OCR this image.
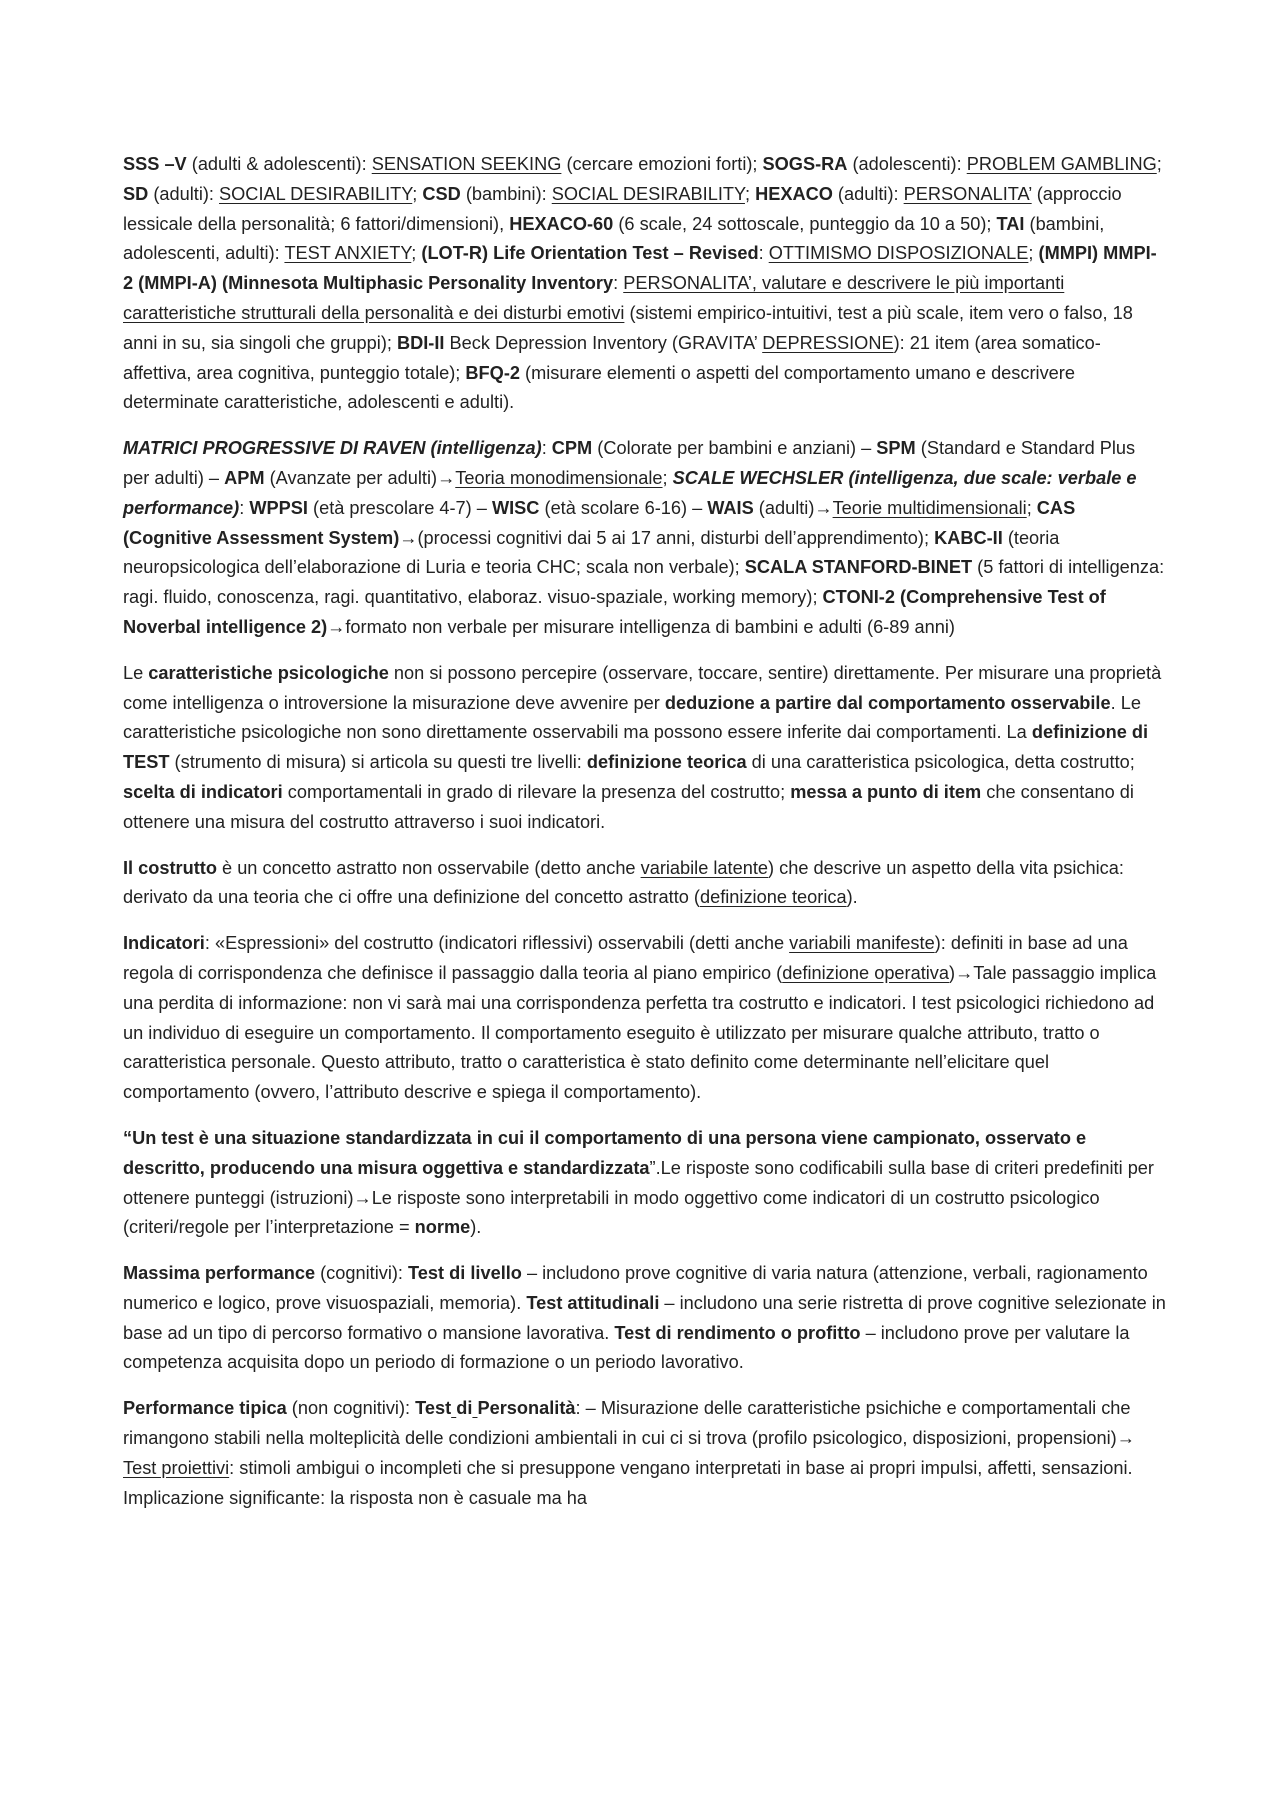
SSS –V (adulti & adolescenti): SENSATION SEEKING (cercare emozioni forti); SOGS-RA (adolescenti): PROBLEM GAMBLING; SD (adulti): SOCIAL DESIRABILITY; CSD (bambini): SOCIAL DESIRABILITY; HEXACO (adulti): PERSONALITA’ (approccio lessicale della personalità; 6 fattori/dimensioni), HEXACO-60 (6 scale, 24 sottoscale, punteggio da 10 a 50); TAI (bambini, adolescenti, adulti): TEST ANXIETY; (LOT-R) Life Orientation Test – Revised: OTTIMISMO DISPOSIZIONALE; (MMPI) MMPI-2 (MMPI-A) (Minnesota Multiphasic Personality Inventory: PERSONALITA’, valutare e descrivere le più importanti caratteristiche strutturali della personalità e dei disturbi emotivi (sistemi empirico-intuitivi, test a più scale, item vero o falso, 18 anni in su, sia singoli che gruppi); BDI-II Beck Depression Inventory (GRAVITA’ DEPRESSIONE): 21 item (area somatico-affettiva, area cognitiva, punteggio totale); BFQ-2 (misurare elementi o aspetti del comportamento umano e descrivere determinate caratteristiche, adolescenti e adulti).

MATRICI PROGRESSIVE DI RAVEN (intelligenza): CPM (Colorate per bambini e anziani) – SPM (Standard e Standard Plus per adulti) – APM (Avanzate per adulti)→Teoria monodimensionale; SCALE WECHSLER (intelligenza, due scale: verbale e performance): WPPSI (età prescolare 4-7) – WISC (età scolare 6-16) – WAIS (adulti)→Teorie multidimensionali; CAS (Cognitive Assessment System)→(processi cognitivi dai 5 ai 17 anni, disturbi dell’apprendimento); KABC-II (teoria neuropsicologica dell’elaborazione di Luria e teoria CHC; scala non verbale); SCALA STANFORD-BINET (5 fattori di intelligenza: ragi. fluido, conoscenza, ragi. quantitativo, elaboraz. visuo-spaziale, working memory); CTONI-2 (Comprehensive Test of Noverbal intelligence 2)→formato non verbale per misurare intelligenza di bambini e adulti (6-89 anni)

Le caratteristiche psicologiche non si possono percepire (osservare, toccare, sentire) direttamente. Per misurare una proprietà come intelligenza o introversione la misurazione deve avvenire per deduzione a partire dal comportamento osservabile. Le caratteristiche psicologiche non sono direttamente osservabili ma possono essere inferite dai comportamenti. La definizione di TEST (strumento di misura) si articola su questi tre livelli: definizione teorica di una caratteristica psicologica, detta costrutto; scelta di indicatori comportamentali in grado di rilevare la presenza del costrutto; messa a punto di item che consentano di ottenere una misura del costrutto attraverso i suoi indicatori.

Il costrutto è un concetto astratto non osservabile (detto anche variabile latente) che descrive un aspetto della vita psichica: derivato da una teoria che ci offre una definizione del concetto astratto (definizione teorica).

Indicatori: «Espressioni» del costrutto (indicatori riflessivi) osservabili (detti anche variabili manifeste): definiti in base ad una regola di corrispondenza che definisce il passaggio dalla teoria al piano empirico (definizione operativa)→Tale passaggio implica una perdita di informazione: non vi sarà mai una corrispondenza perfetta tra costrutto e indicatori. I test psicologici richiedono ad un individuo di eseguire un comportamento. Il comportamento eseguito è utilizzato per misurare qualche attributo, tratto o caratteristica personale. Questo attributo, tratto o caratteristica è stato definito come determinante nell’elicitare quel comportamento (ovvero, l’attributo descrive e spiega il comportamento).

“Un test è una situazione standardizzata in cui il comportamento di una persona viene campionato, osservato e descritto, producendo una misura oggettiva e standardizzata”.Le risposte sono codificabili sulla base di criteri predefiniti per ottenere punteggi (istruzioni)→Le risposte sono interpretabili in modo oggettivo come indicatori di un costrutto psicologico (criteri/regole per l’interpretazione = norme).

Massima performance (cognitivi): Test di livello – includono prove cognitive di varia natura (attenzione, verbali, ragionamento numerico e logico, prove visuospaziali, memoria). Test attitudinali – includono una serie ristretta di prove cognitive selezionate in base ad un tipo di percorso formativo o mansione lavorativa. Test di rendimento o profitto – includono prove per valutare la competenza acquisita dopo un periodo di formazione o un periodo lavorativo.

Performance tipica (non cognitivi): Test di Personalità: – Misurazione delle caratteristiche psichiche e comportamentali che rimangono stabili nella molteplicità delle condizioni ambientali in cui ci si trova (profilo psicologico, disposizioni, propensioni)→ Test proiettivi: stimoli ambigui o incompleti che si presuppone vengano interpretati in base ai propri impulsi, affetti, sensazioni. Implicazione significante: la risposta non è casuale ma ha
